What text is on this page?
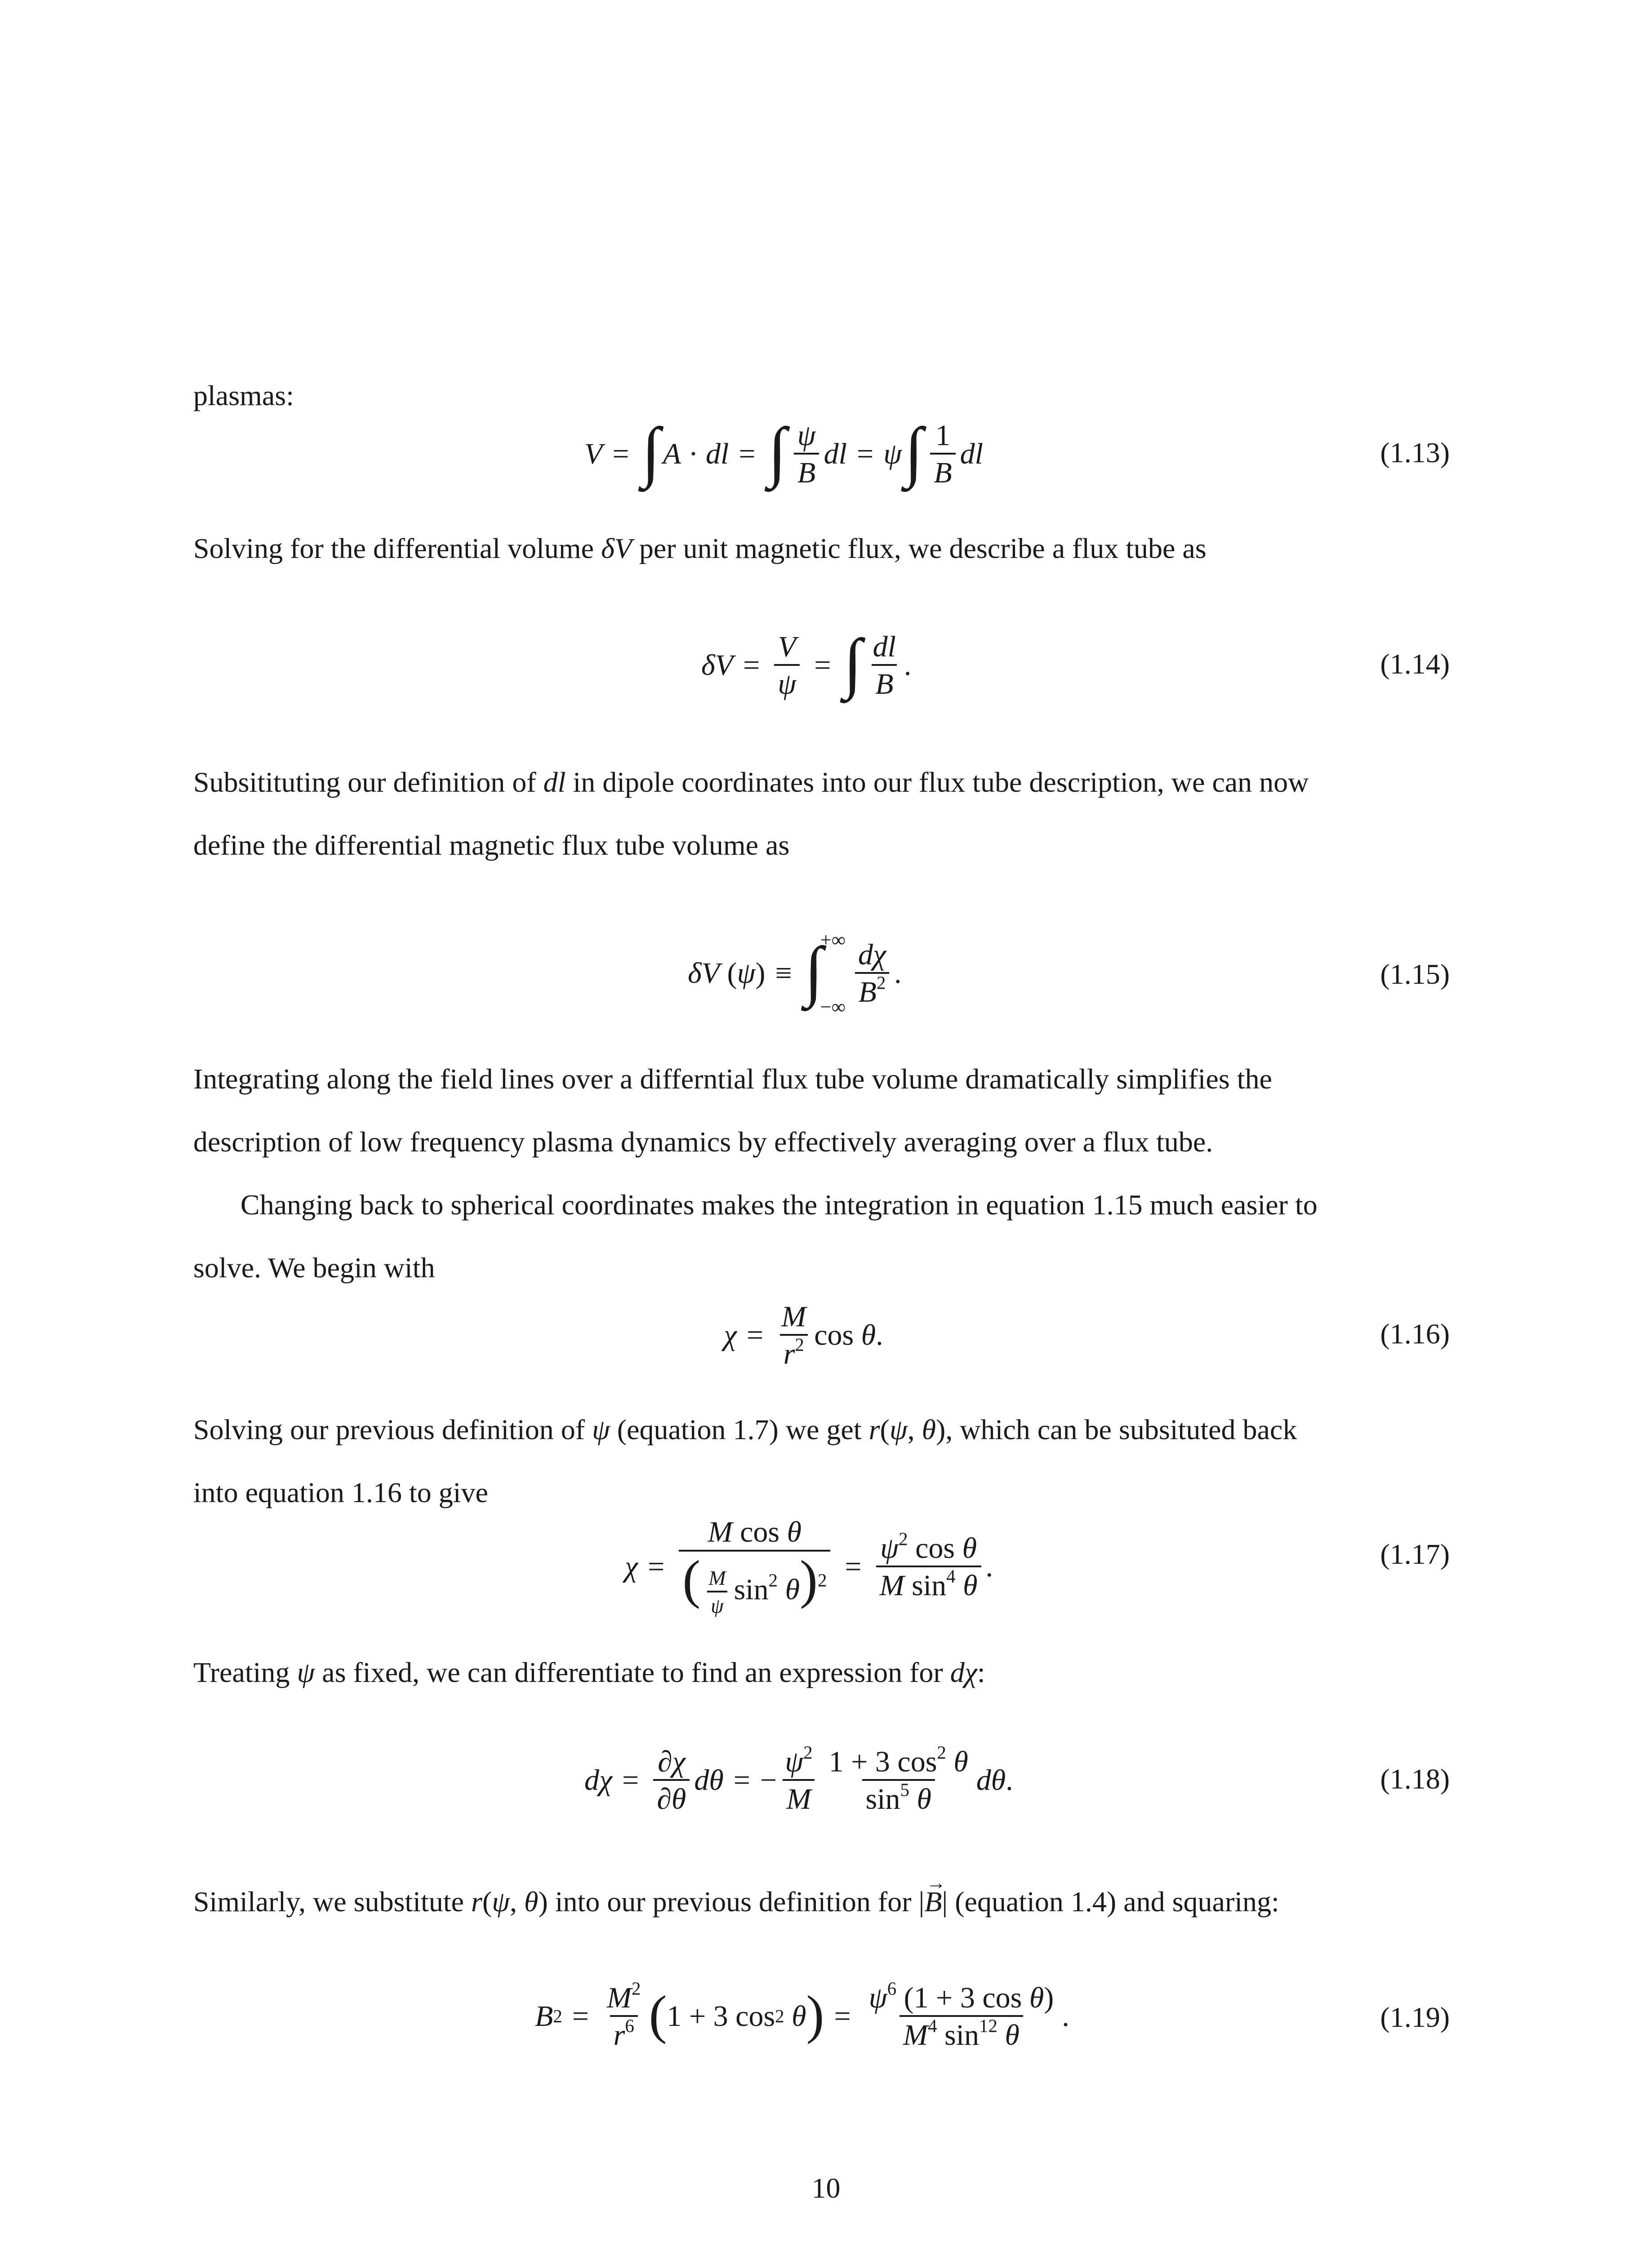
plasmas:

V = ∫ A · dl = ∫ $\frac{\psi}{B}$ dl = ψ ∫ $\frac{1}{B}$ dl	(1.13)

Solving for the differential volume δV per unit magnetic flux, we describe a flux tube as

$\delta V = \frac{V}{\psi}$ = ∫ $\frac{dl}{B}$ .	(1.14)

Subsitituting our definition of dl in dipole coordinates into our flux tube description, we can now

define the differential magnetic flux tube volume as

δV ( ψ ) ≡ ∫
+∞
−∞ $\frac{d\chi}{B^2}$ .	(1.15)

Integrating along the field lines over a differntial flux tube volume dramatically simplifies the

description of low frequency plasma dynamics by effectively averaging over a flux tube.

Changing back to spherical coordinates makes the integration in equation 1.15 much easier to

solve. We begin with

$\chi = \frac{M}{r^2}$ cos θ .	(1.16)

Solving our previous definition of ψ (equation 1.7) we get r(ψ, θ), which can be subsituted back

into equation 1.16 to give

$\chi = \frac{\text{M cos θ}}{( \frac{M}{\psi} \sin^2 \theta)^2} = \frac{\psi^2 \cos \theta}{M \sin^4 \theta}$ .	(1.17)

Treating ψ as fixed, we can differentiate to find an expression for dχ:

$d\chi = \frac{\partial\chi}{\partial\theta}$ dθ = − $\frac{\psi^2}{M} \frac{1 + 3 \cos^2 \theta}{\sin^5 \theta}$ dθ .	(1.18)

Similarly, we substitute r(ψ, θ) into our previous definition for |→ B| (equation 1.4) and squaring:

B $2 = \frac{M^2}{r^6}$ ( 1 + 3 cos 2
θ ) = $\frac{\psi^6 (1 + 3 \cos \theta)}{M^4 \sin^{12} \theta}$ .	(1.19)
10
